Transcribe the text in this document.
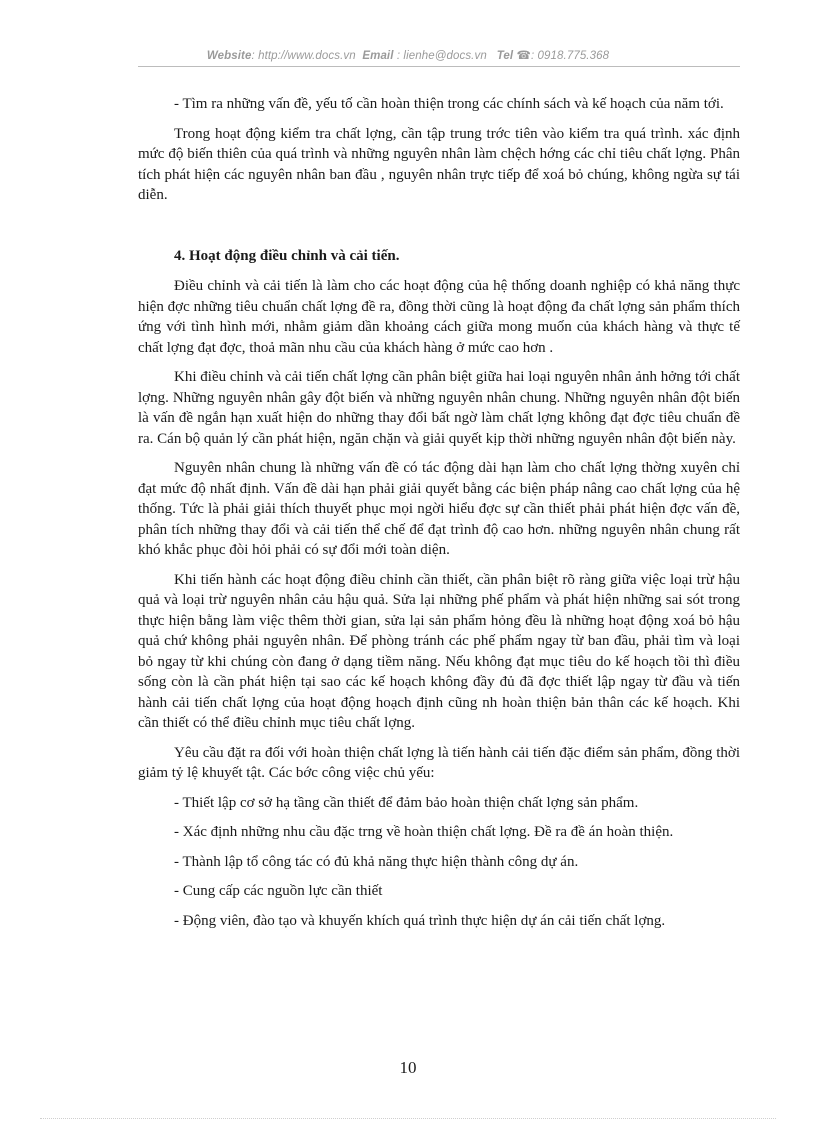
Website: http://www.docs.vn Email : lienhe@docs.vn Tel ☎: 0918.775.368

- Tìm ra những vấn đề, yếu tố cần hoàn thiện trong các chính sách và kế hoạch của năm tới.

Trong hoạt động kiểm tra chất lợng, cần tập trung trớc tiên vào kiểm tra quá trình. xác định mức độ biến thiên của quá trình và những nguyên nhân làm chệch hớng các chỉ tiêu chất lợng. Phân tích phát hiện các nguyên nhân ban đầu , nguyên nhân trực tiếp để xoá bỏ chúng, không ngừa sự tái diễn.

4. Hoạt động điều chỉnh và cải tiến.

Điều chỉnh và cải tiến là làm cho các hoạt động của hệ thống doanh nghiệp có khả năng thực hiện đợc những tiêu chuẩn chất lợng đề ra, đồng thời cũng là hoạt động đa chất lợng sản phẩm thích ứng với tình hình mới, nhằm giảm dần khoảng cách giữa mong muốn của khách hàng và thực tế chất lợng đạt đợc, thoả mãn nhu cầu của khách hàng ở mức cao hơn .

Khi điều chỉnh và cải tiến chất lợng cần phân biệt giữa hai loại nguyên nhân ảnh hởng tới chất lợng. Những nguyên nhân gây đột biến và những nguyên nhân chung. Những nguyên nhân đột biến là vấn đề ngắn hạn xuất hiện do những thay đổi bất ngờ làm chất lợng không đạt đợc tiêu chuẩn đề ra. Cán bộ quản lý cần phát hiện, ngăn chặn và giải quyết kịp thời những nguyên nhân đột biến này.

Nguyên nhân chung là những vấn đề có tác động dài hạn làm cho chất lợng thờng xuyên chỉ đạt mức độ nhất định. Vấn đề dài hạn phải giải quyết bằng các biện pháp nâng cao chất lợng của hệ thống. Tức là phải giải thích thuyết phục mọi ngời hiểu đợc sự cần thiết phải phát hiện đợc vấn đề, phân tích những thay đổi và cải tiến thể chế để đạt trình độ cao hơn. những nguyên nhân chung rất khó khắc phục đòi hỏi phải có sự đổi mới toàn diện.

Khi tiến hành các hoạt động điều chỉnh cần thiết, cần phân biệt rõ ràng giữa việc loại trừ hậu quả và loại trừ nguyên nhân cảu hậu quả. Sửa lại những phế phẩm và phát hiện những sai sót trong thực hiện bằng làm việc thêm thời gian, sửa lại sản phẩm hỏng đều là những hoạt động xoá bỏ hậu quả chứ không phải nguyên nhân. Để phòng tránh các phế phẩm ngay từ ban đầu, phải tìm và loại bỏ ngay từ khi chúng còn đang ở dạng tiềm năng. Nếu không đạt mục tiêu do kế hoạch tồi thì điều sống còn là cần phát hiện tại sao các kế hoạch không đầy đủ đã đợc thiết lập ngay từ đầu và tiến hành cải tiến chất lợng của hoạt động hoạch định cũng nh hoàn thiện bản thân các kế hoạch. Khi cần thiết có thể điều chỉnh mục tiêu chất lợng.

Yêu cầu đặt ra đối với hoàn thiện chất lợng là tiến hành cải tiến đặc điểm sản phẩm, đồng thời giảm tỷ lệ khuyết tật. Các bớc công việc chủ yếu:

- Thiết lập cơ sở hạ tầng cần thiết để đảm bảo hoàn thiện chất lợng sản phẩm.

- Xác định những nhu cầu đặc trng về hoàn thiện chất lợng. Đề ra đề án hoàn thiện.

- Thành lập tổ công tác có đủ khả năng thực hiện thành công dự án.

- Cung cấp các nguồn lực cần thiết

- Động viên, đào tạo và khuyến khích quá trình thực hiện dự án cải tiến chất lợng.

10
